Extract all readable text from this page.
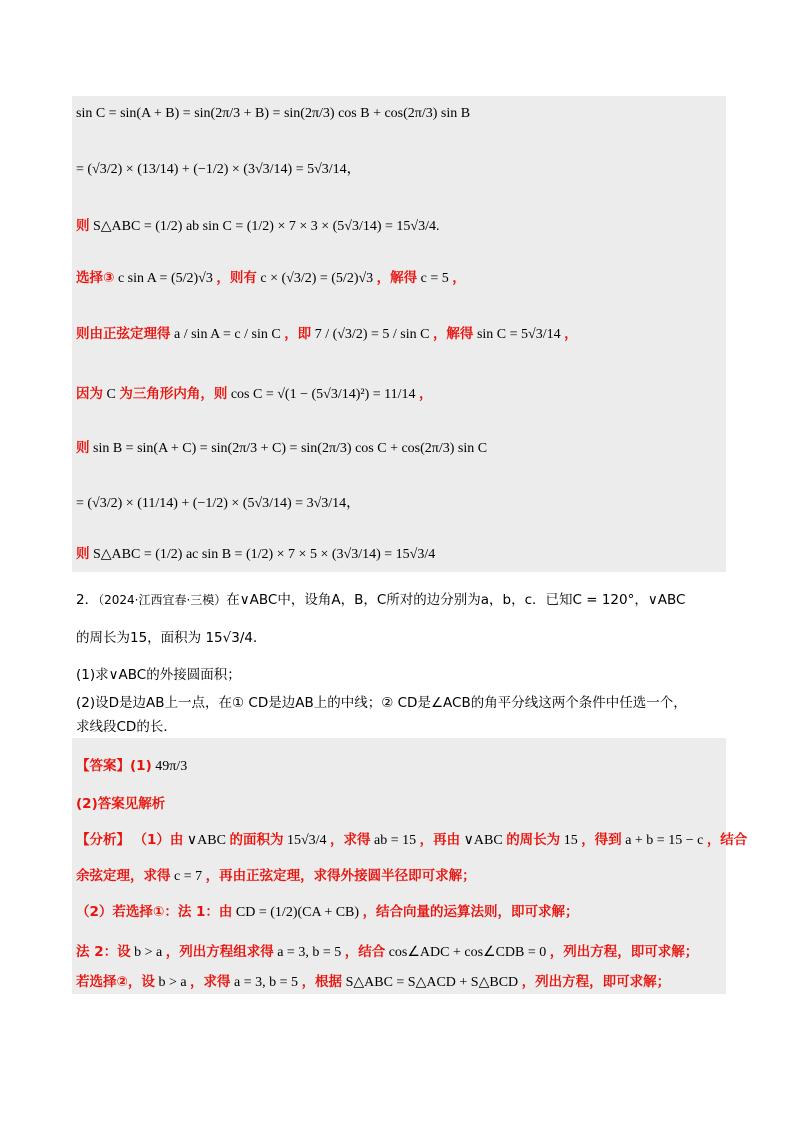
sin C = sin(A + B) = sin(2π/3 + B) = sin(2π/3) cos B + cos(2π/3) sin B
= (√3/2) × (13/14) + (−1/2) × (3√3/14) = 5√3/14，
则 S△ABC = (1/2) ab sin C = (1/2) × 7 × 3 × (5√3/14) = 15√3/4.
选择③ c sin A = (5/2)√3 ，则有 c × (√3/2) = (5/2)√3 ，解得 c = 5 ，
则由正弦定理得 a / sin A = c / sin C ，即 7 / (√3/2) = 5 / sin C ，解得 sin C = 5√3/14 ，
因为 C 为三角形内角，则 cos C = √(1 − (5√3/14)²) = 11/14 ，
则 sin B = sin(A + C) = sin(2π/3 + C) = sin(2π/3) cos C + cos(2π/3) sin C
= (√3/2) × (11/14) + (−1/2) × (5√3/14) = 3√3/14，
则 S△ABC = (1/2) ac sin B = (1/2) × 7 × 5 × (3√3/14) = 15√3/4
2．（2024·江西宜春·三模）在∨ABC中，设角A，B，C所对的边分别为a，b，c．已知C = 120°，∨ABC
的周长为15，面积为 15√3/4．
(1)求∨ABC的外接圆面积；
(2)设D是边AB上一点，在① CD是边AB上的中线；② CD是∠ACB的角平分线这两个条件中任选一个，
求线段CD的长．
【答案】(1) 49π/3
(2)答案见解析
【分析】 （1）由 ∨ABC 的面积为 15√3/4 ，求得 ab = 15 ，再由 ∨ABC 的周长为 15 ，得到 a + b = 15 − c ，结合
余弦定理，求得 c = 7 ，再由正弦定理，求得外接圆半径即可求解；
（2）若选择①：法 1：由 CD = (1/2)(CA + CB) ，结合向量的运算法则，即可求解；
法 2：设 b > a ，列出方程组求得 a = 3, b = 5 ，结合 cos∠ADC + cos∠CDB = 0 ，列出方程，即可求解；
若选择②，设 b > a ，求得 a = 3, b = 5 ，根据 S△ABC = S△ACD + S△BCD ，列出方程，即可求解；
